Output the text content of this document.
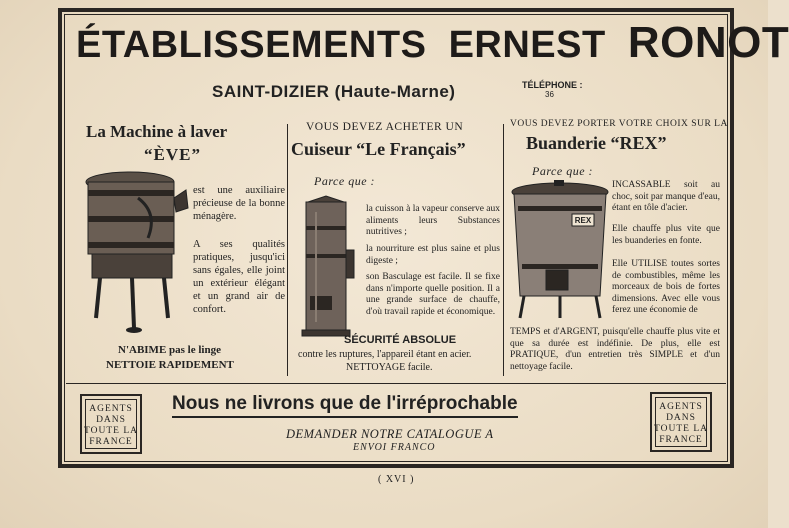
ÉTABLISSEMENTS ERNEST RONOT
SAINT-DIZIER (Haute-Marne)	TÉLÉPHONE :
36
La Machine à laver
“ÈVE”
est une auxiliaire précieuse de la bonne ménagère.
A ses qualités pratiques, jusqu'ici sans égales, elle joint un extérieur élégant et un grand air de confort.
N'ABIME pas le linge
NETTOIE RAPIDEMENT
VOUS DEVEZ ACHETER UN
Cuiseur “Le Français”
Parce que :
la cuisson à la vapeur conserve aux aliments leurs Substances nutritives ;
la nourriture est plus saine et plus digeste ;
son Basculage est facile. Il se fixe dans n'importe quelle position. Il a une grande surface de chauffe, d'où travail rapide et économique.
SÉCURITÉ ABSOLUE
contre les ruptures, l'appareil étant en acier.
NETTOYAGE facile.
VOUS DEVEZ PORTER VOTRE CHOIX SUR LA
Buanderie “REX”
Parce que :
REX
INCASSABLE soit au choc, soit par manque d'eau, étant en tôle d'acier.
Elle chauffe plus vite que les buanderies en fonte.
Elle UTILISE toutes sortes de combustibles, même les morceaux de bois de fortes dimensions. Avec elle vous ferez une économie de
TEMPS et d'ARGENT, puisqu'elle chauffe plus vite et que sa durée est indéfinie. De plus, elle est PRATIQUE, d'un entretien très SIMPLE et d'un nettoyage facile.
AGENTS
DANS
TOUTE LA
FRANCE
AGENTS
DANS
TOUTE LA
FRANCE
Nous ne livrons que de l'irréprochable
DEMANDER NOTRE CATALOGUE A
ENVOI FRANCO
( XVI )
